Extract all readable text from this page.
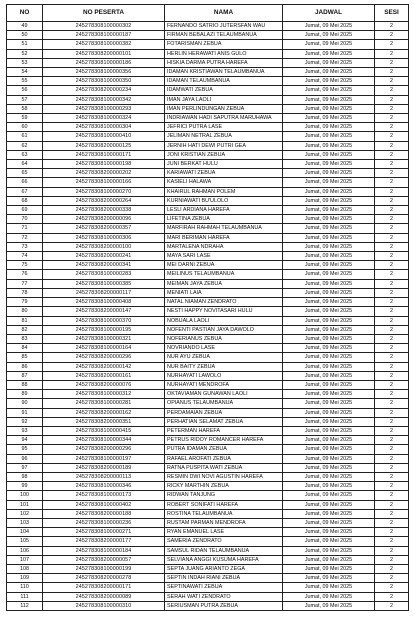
NO	NO PESERTA	NAMA	JADWAL	SESI
49	245278308100000302	FERNANDO SATRIO JUTERSFAN WAU	Jumat, 09 Mei 2025	2
50	245278308100000187	FIRMAN BEBALAZI TELAUMBANUA	Jumat, 09 Mei 2025	2
51	245278308100000382	FOTARISMAN ZEBUA	Jumat, 09 Mei 2025	2
52	245278308200000101	HERLIN HERAWATI ANIS GULO	Jumat, 09 Mei 2025	2
53	245278308100000186	HISKIA DARMA PUTRA HAREFA	Jumat, 09 Mei 2025	2
54	245278308100000356	IDAMAN KRISTIAWAN TELAUMBANUA	Jumat, 09 Mei 2025	2
55	245278308100000350	IDAMAN TELAUMBANUA	Jumat, 09 Mei 2025	2
56	245278308200000234	IDAMWATI ZEBUA	Jumat, 09 Mei 2025	2
57	245278308100000342	IMAN JAYA LAOLI	Jumat, 09 Mei 2025	2
58	245278308100000293	IMAN PERLINDUNGAN ZEBUA	Jumat, 09 Mei 2025	2
59	245278308100000324	INDRIAWAN HADI SAPUTRA MARUHAWA	Jumat, 09 Mei 2025	2
60	245278308100000304	JEFRICI PUTRA LASE	Jumat, 09 Mei 2025	2
61	245278308100000410	JELIMAN NETRAL ZEBUA	Jumat, 09 Mei 2025	2
62	245278308200000125	JERNIH HATI DEWI PUTRI GEA	Jumat, 09 Mei 2025	2
63	245278308100000171	JONI KRISTIAN ZEBUA	Jumat, 09 Mei 2025	2
64	245278308100000198	JUNI BERKAT HULU	Jumat, 09 Mei 2025	2
65	245278308200000202	KARIAWATI ZEBUA	Jumat, 09 Mei 2025	2
66	245278308100000166	KASIELI HALAWA	Jumat, 09 Mei 2025	2
67	245278308100000270	KHAIRUL RAHMAN POLEM	Jumat, 09 Mei 2025	2
68	245278308200000264	KURNIAWATI BU'ULOLO	Jumat, 09 Mei 2025	2
69	245278308200000338	LESLI ARDIANA HAREFA	Jumat, 09 Mei 2025	2
70	245278308200000096	LIFETINA ZEBUA	Jumat, 09 Mei 2025	2
71	245278308200000357	MARFIRAH RAHMAH TELAUMBANUA	Jumat, 09 Mei 2025	2
72	245278308100000306	MARI BERIMAN HAREFA	Jumat, 09 Mei 2025	2
73	245278308200000100	MARTALENA NDRAHA	Jumat, 09 Mei 2025	2
74	245278308200000241	MAYA SARI LASE	Jumat, 09 Mei 2025	2
75	245278308200000341	MEI DARNI ZEBUA	Jumat, 09 Mei 2025	2
76	245278308100000283	MEILINUS TELAUMBANUA	Jumat, 09 Mei 2025	2
77	245278308100000385	MEIMAN JAYA ZEBUA	Jumat, 09 Mei 2025	2
78	245278308200000117	MENIATI LAIA	Jumat, 09 Mei 2025	2
79	245278308100000408	NATAL NIAMAN ZENDRATO	Jumat, 09 Mei 2025	2
80	245278308200000147	NESTI HAPPY NOVITASARI HULU	Jumat, 09 Mei 2025	2
81	245278308100000370	NOBUALA LAOLI	Jumat, 09 Mei 2025	2
82	245278308100000195	NOFENTI PASTIAN JAYA DAWOLO	Jumat, 09 Mei 2025	2
83	245278308100000321	NOFERIANUS ZEBUA	Jumat, 09 Mei 2025	2
84	245278308100000164	NOVRIANDO LASE	Jumat, 09 Mei 2025	2
85	245278308200000296	NUR AYU ZEBUA	Jumat, 09 Mei 2025	2
86	245278308200000142	NUR BAITY ZEBUA	Jumat, 09 Mei 2025	2
87	245278308200000161	NURHAYATI LAWOLO	Jumat, 09 Mei 2025	2
88	245278308200000076	NURHAYATI MENDROFA	Jumat, 09 Mei 2025	2
89	245278308100000312	OKTAVIAMAN GUNAWAN LAOLI	Jumat, 09 Mei 2025	2
90	245278308100000281	OPIANUS TELAUMBANUA	Jumat, 09 Mei 2025	2
91	245278308200000162	PERDAMAIAN ZEBUA	Jumat, 09 Mei 2025	2
92	245278308200000351	PERHATIAN SELAMAT ZEBUA	Jumat, 09 Mei 2025	2
93	245278308100000415	PETERMAN HAREFA	Jumat, 09 Mei 2025	2
94	245278308100000344	PETRUS RIDOY ROMANCER HAREFA	Jumat, 09 Mei 2025	2
95	245278308200000296	PUTRA IDAMAN ZEBUA	Jumat, 09 Mei 2025	2
96	245278308100000197	RAFAEL AROFATI ZEBUA	Jumat, 09 Mei 2025	2
97	245278308200000189	RATNA PUSPITA WATI ZEBUA	Jumat, 09 Mei 2025	2
98	245278308200000113	RESMIN DWI NOVI AGUSTIN HAREFA	Jumat, 09 Mei 2025	2
99	245278308100000346	RICKY MARTHIN ZEBUA	Jumat, 09 Mei 2025	2
100	245278308100000173	RIDWAN TANJUNG	Jumat, 09 Mei 2025	2
101	245278308100000402	ROBERT SONIFATI HAREFA	Jumat, 09 Mei 2025	2
102	245278308200000188	ROSTINA TELAUMBANUA	Jumat, 09 Mei 2025	2
103	245278308100000236	RUSTAM PARMAN MENDROFA	Jumat, 09 Mei 2025	2
104	245278308100000271	RYAN EMANUEL LASE	Jumat, 09 Mei 2025	2
105	245278308200000177	SAMERIA ZENDRATO	Jumat, 09 Mei 2025	2
106	245278308100000184	SAMSUL RIDAN TELAUMBANUA	Jumat, 09 Mei 2025	2
107	245278308200000057	SELVIANA ANGGI KUSUMA HAREFA	Jumat, 09 Mei 2025	2
108	245278308100000199	SEPTA JUANG ARIANTO ZEGA	Jumat, 09 Mei 2025	2
109	245278308200000278	SEPTIN INDAH RIANI ZEBUA	Jumat, 09 Mei 2025	2
110	245278308200000171	SEPTINAWATI ZEBUA	Jumat, 09 Mei 2025	2
111	245278308200000089	SERAH WATI ZENDRATO	Jumat, 09 Mei 2025	2
112	245278308100000310	SERIUSMAN PUTRA ZEBUA	Jumat, 09 Mei 2025	2
